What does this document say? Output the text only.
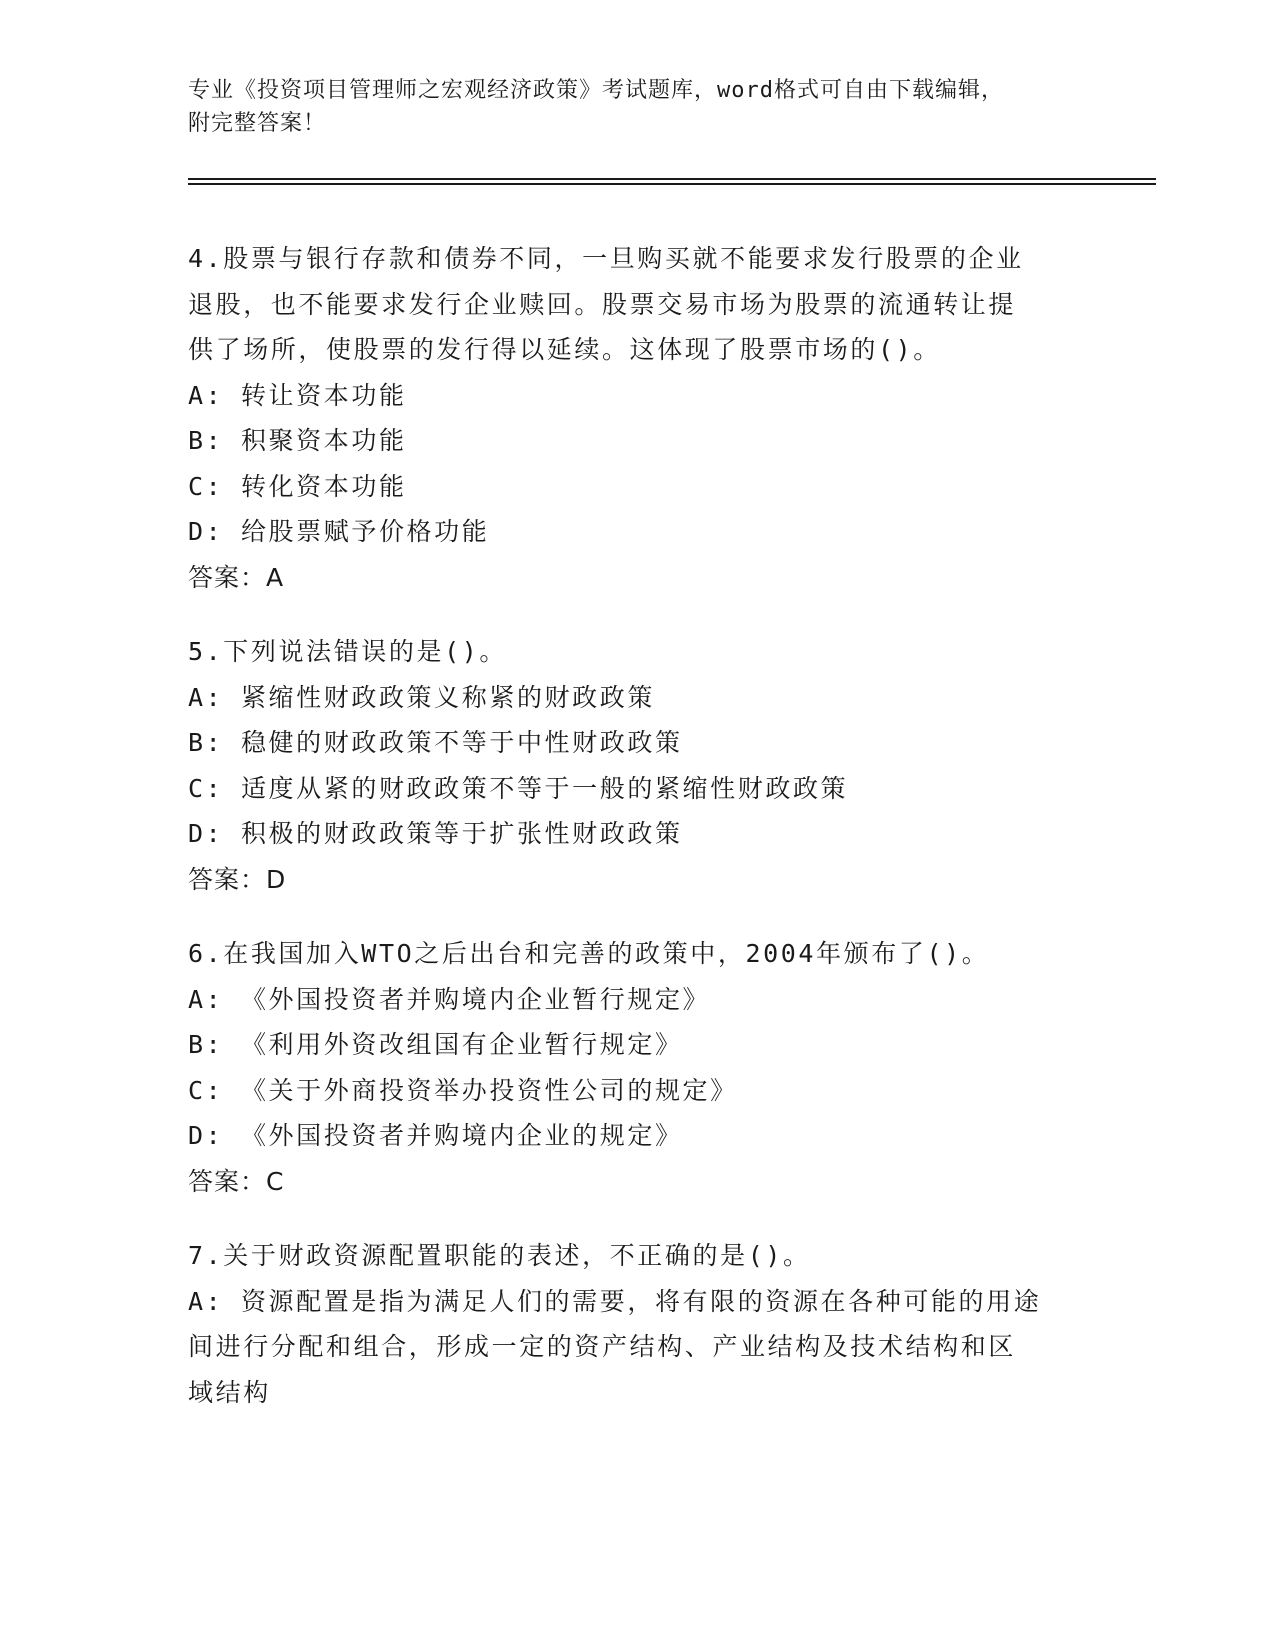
专业《投资项目管理师之宏观经济政策》考试题库，word格式可自由下载编辑，
附完整答案！
4.股票与银行存款和债券不同，一旦购买就不能要求发行股票的企业
退股，也不能要求发行企业赎回。股票交易市场为股票的流通转让提
供了场所，使股票的发行得以延续。这体现了股票市场的()。
A: 转让资本功能
B: 积聚资本功能
C: 转化资本功能
D: 给股票赋予价格功能
答案：A
5.下列说法错误的是()。
A: 紧缩性财政政策义称紧的财政政策
B: 稳健的财政政策不等于中性财政政策
C: 适度从紧的财政政策不等于一般的紧缩性财政政策
D: 积极的财政政策等于扩张性财政政策
答案：D
6.在我国加入WTO之后出台和完善的政策中，2004年颁布了()。
A: 《外国投资者并购境内企业暂行规定》
B: 《利用外资改组国有企业暂行规定》
C: 《关于外商投资举办投资性公司的规定》
D: 《外国投资者并购境内企业的规定》
答案：C
7.关于财政资源配置职能的表述，不正确的是()。
A: 资源配置是指为满足人们的需要，将有限的资源在各种可能的用途
间进行分配和组合，形成一定的资产结构、产业结构及技术结构和区
域结构
